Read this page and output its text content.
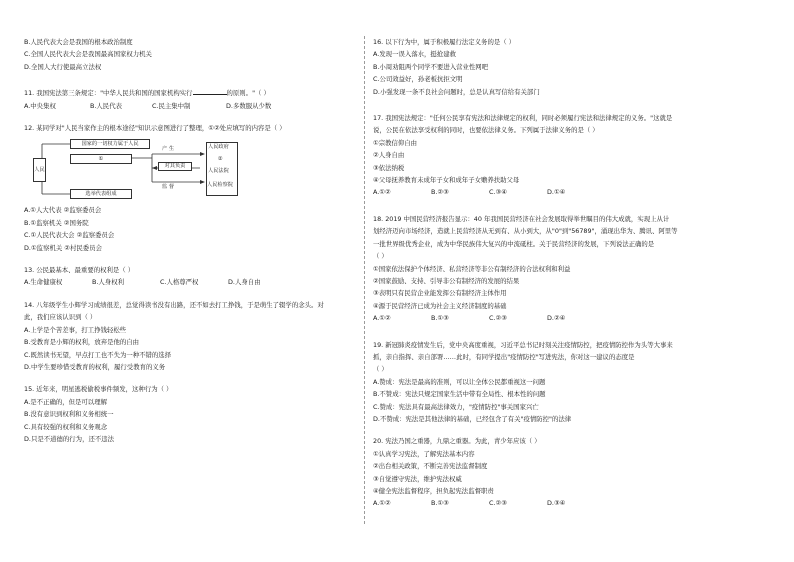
B.人民代表大会是我国的根本政治制度
C.全国人民代表大会是我国最高国家权力机关
D.全国人大行使最高立法权
11. 我国宪法第三条规定："中华人民共和国的国家机构实行	的原则。"（ ）
A.中央集权	B.人民代表	C.民主集中制	D.多数服从少数
12. 某同学对"人民当家作主的根本途径"知识示意图进行了整理，①②处应填写的内容是（ ）
人民
国家的一切权力属于人民
①
选举代表组成
产 生
对其负责
监 督
人民政府
②
人民法院
人民检察院
A.①人大代表 ②监察委员会
B.①监察机关 ②国务院
C.①人民代表大会 ②监察委员会
D.①监察机关 ②村民委员会
13. 公民最基本、最重要的权利是（ ）
A.生命健康权	B.人身权利	C.人格尊严权	D.人身自由
14. 八年级学生小辉学习成绩很差，总觉得读书没有出路，还不如去打工挣钱，于是萌生了辍学的念头。对
此，我们应该认识到（ ）
A.上学是个苦差事，打工挣钱轻松些
B.受教育是小辉的权利，放弃是他的自由
C.既然读书无望，早点打工也不失为一种不错的选择
D.中学生要珍惜受教育的权利，履行受教育的义务
15. 近年来，明星逃税偷税事件频发，这种行为（ ）
A.是不正确的，但是可以理解
B.没有意识到权利和义务相统一
C.具有较强的权利和义务观念
D.只是不道德的行为，还不违法
16. 以下行为中，属于积极履行法定义务的是（ ）
A.发现一误入落水，挺抢建救
B.小周劝阻两个同学不要进入营业性网吧
C.公司效益好，孙老板抗拒文明
D.小强发现一条不良社会问题时，总是认真写信给有关部门
17. 我国宪法规定："任何公民享有宪法和法律规定的权利，同时必须履行宪法和法律规定的义务。"这就是
说，公民在依法享受权利的同时，也要依法律义务。下列属于法律义务的是（ ）
①宗教信仰自由
②人身自由
③依法纳税
④父母抚养教育未成年子女和成年子女赡养扶助父母
A.①②	B.②③	C.③④	D.①④
18. 2019 中国民营经济报告显示：40 年我国民营经济在社会发展取得举世瞩目的伟大成就，实现上从计
划经济迈向市场经济，造就上民营经济从无到有、从小到大，从"0"到"56789"，涌现出华为、腾讯、阿里等
一批世界级优秀企业，成为中华民族伟大复兴的中流砥柱。关于民营经济的发展，下列说法正确的是
（ ）
①国家依法保护个体经济、私营经济等非公有制经济的合法权利和利益
②国家鼓励、支持、引导非公有制经济的发展的结果
③表明只有民营企业能发挥公有制经济主体作用
④源于民营经济已成为社会主义经济制度的基础
A.①②	B.①③	C.②③	D.②④
19. 新冠肺炎疫情发生后，党中央高度重视，习近平总书记时刻关注疫情防控，把疫情防控作为头等大事来
抓，亲自指挥、亲自部署……此时，有同学提出"疫情防控"写进宪法，你对这一建议的态度是
（ ）
A.赞成：宪法是最高的准则，可以让全体公民都重视这一问题
B.不赞成：宪法只规定国家生活中带有全局性、根本性的问题
C.赞成：宪法具有最高法律效力，"疫情防控"事关国家兴亡
D.不赞成：宪法是其他法律的基础，已经包含了有关"疫情防控"的法律
20. 宪法乃国之重器，九鼎之重器。为此，青少年应该（ ）
①认真学习宪法，了解宪法基本内容
②出台相关政策，不断完善宪法监督制度
③自觉遵守宪法，维护宪法权威
④健全宪法监督程序，担负起宪法监督职责
A.①②	B.①③	C.②③	D.③④
